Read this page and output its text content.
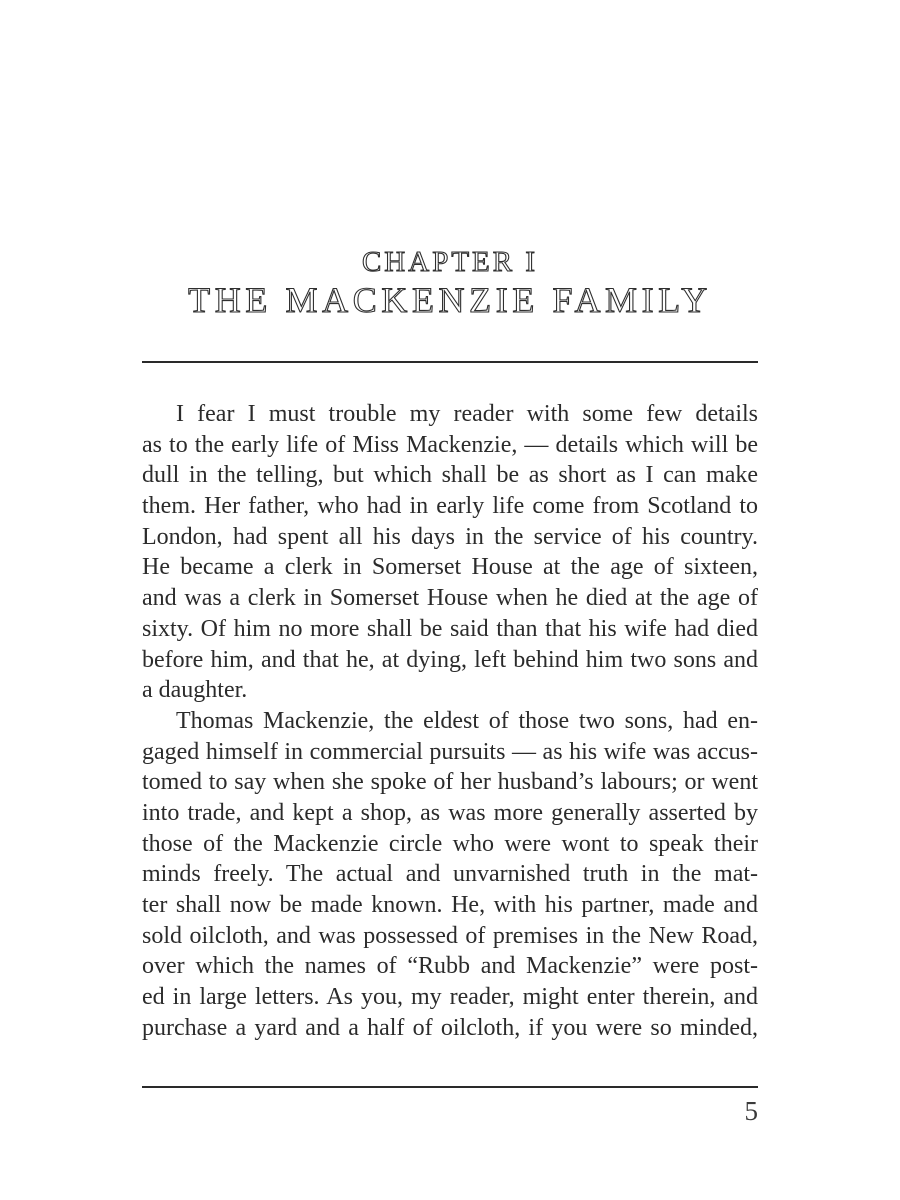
CHAPTER I
THE MACKENZIE FAMILY
I fear I must trouble my reader with some few details
as to the early life of Miss Mackenzie, — details which will be
dull in the telling, but which shall be as short as I can make
them. Her father, who had in early life come from Scotland to
London, had spent all his days in the service of his country.
He became a clerk in Somerset House at the age of sixteen,
and was a clerk in Somerset House when he died at the age of
sixty. Of him no more shall be said than that his wife had died
before him, and that he, at dying, left behind him two sons and
a daughter.
Thomas Mackenzie, the eldest of those two sons, had en-
gaged himself in commercial pursuits — as his wife was accus-
tomed to say when she spoke of her husband’s labours; or went
into trade, and kept a shop, as was more generally asserted by
those of the Mackenzie circle who were wont to speak their
minds freely. The actual and unvarnished truth in the mat-
ter shall now be made known. He, with his partner, made and
sold oilcloth, and was possessed of premises in the New Road,
over which the names of “Rubb and Mackenzie” were post-
ed in large letters. As you, my reader, might enter therein, and
purchase a yard and a half of oilcloth, if you were so minded,

5
